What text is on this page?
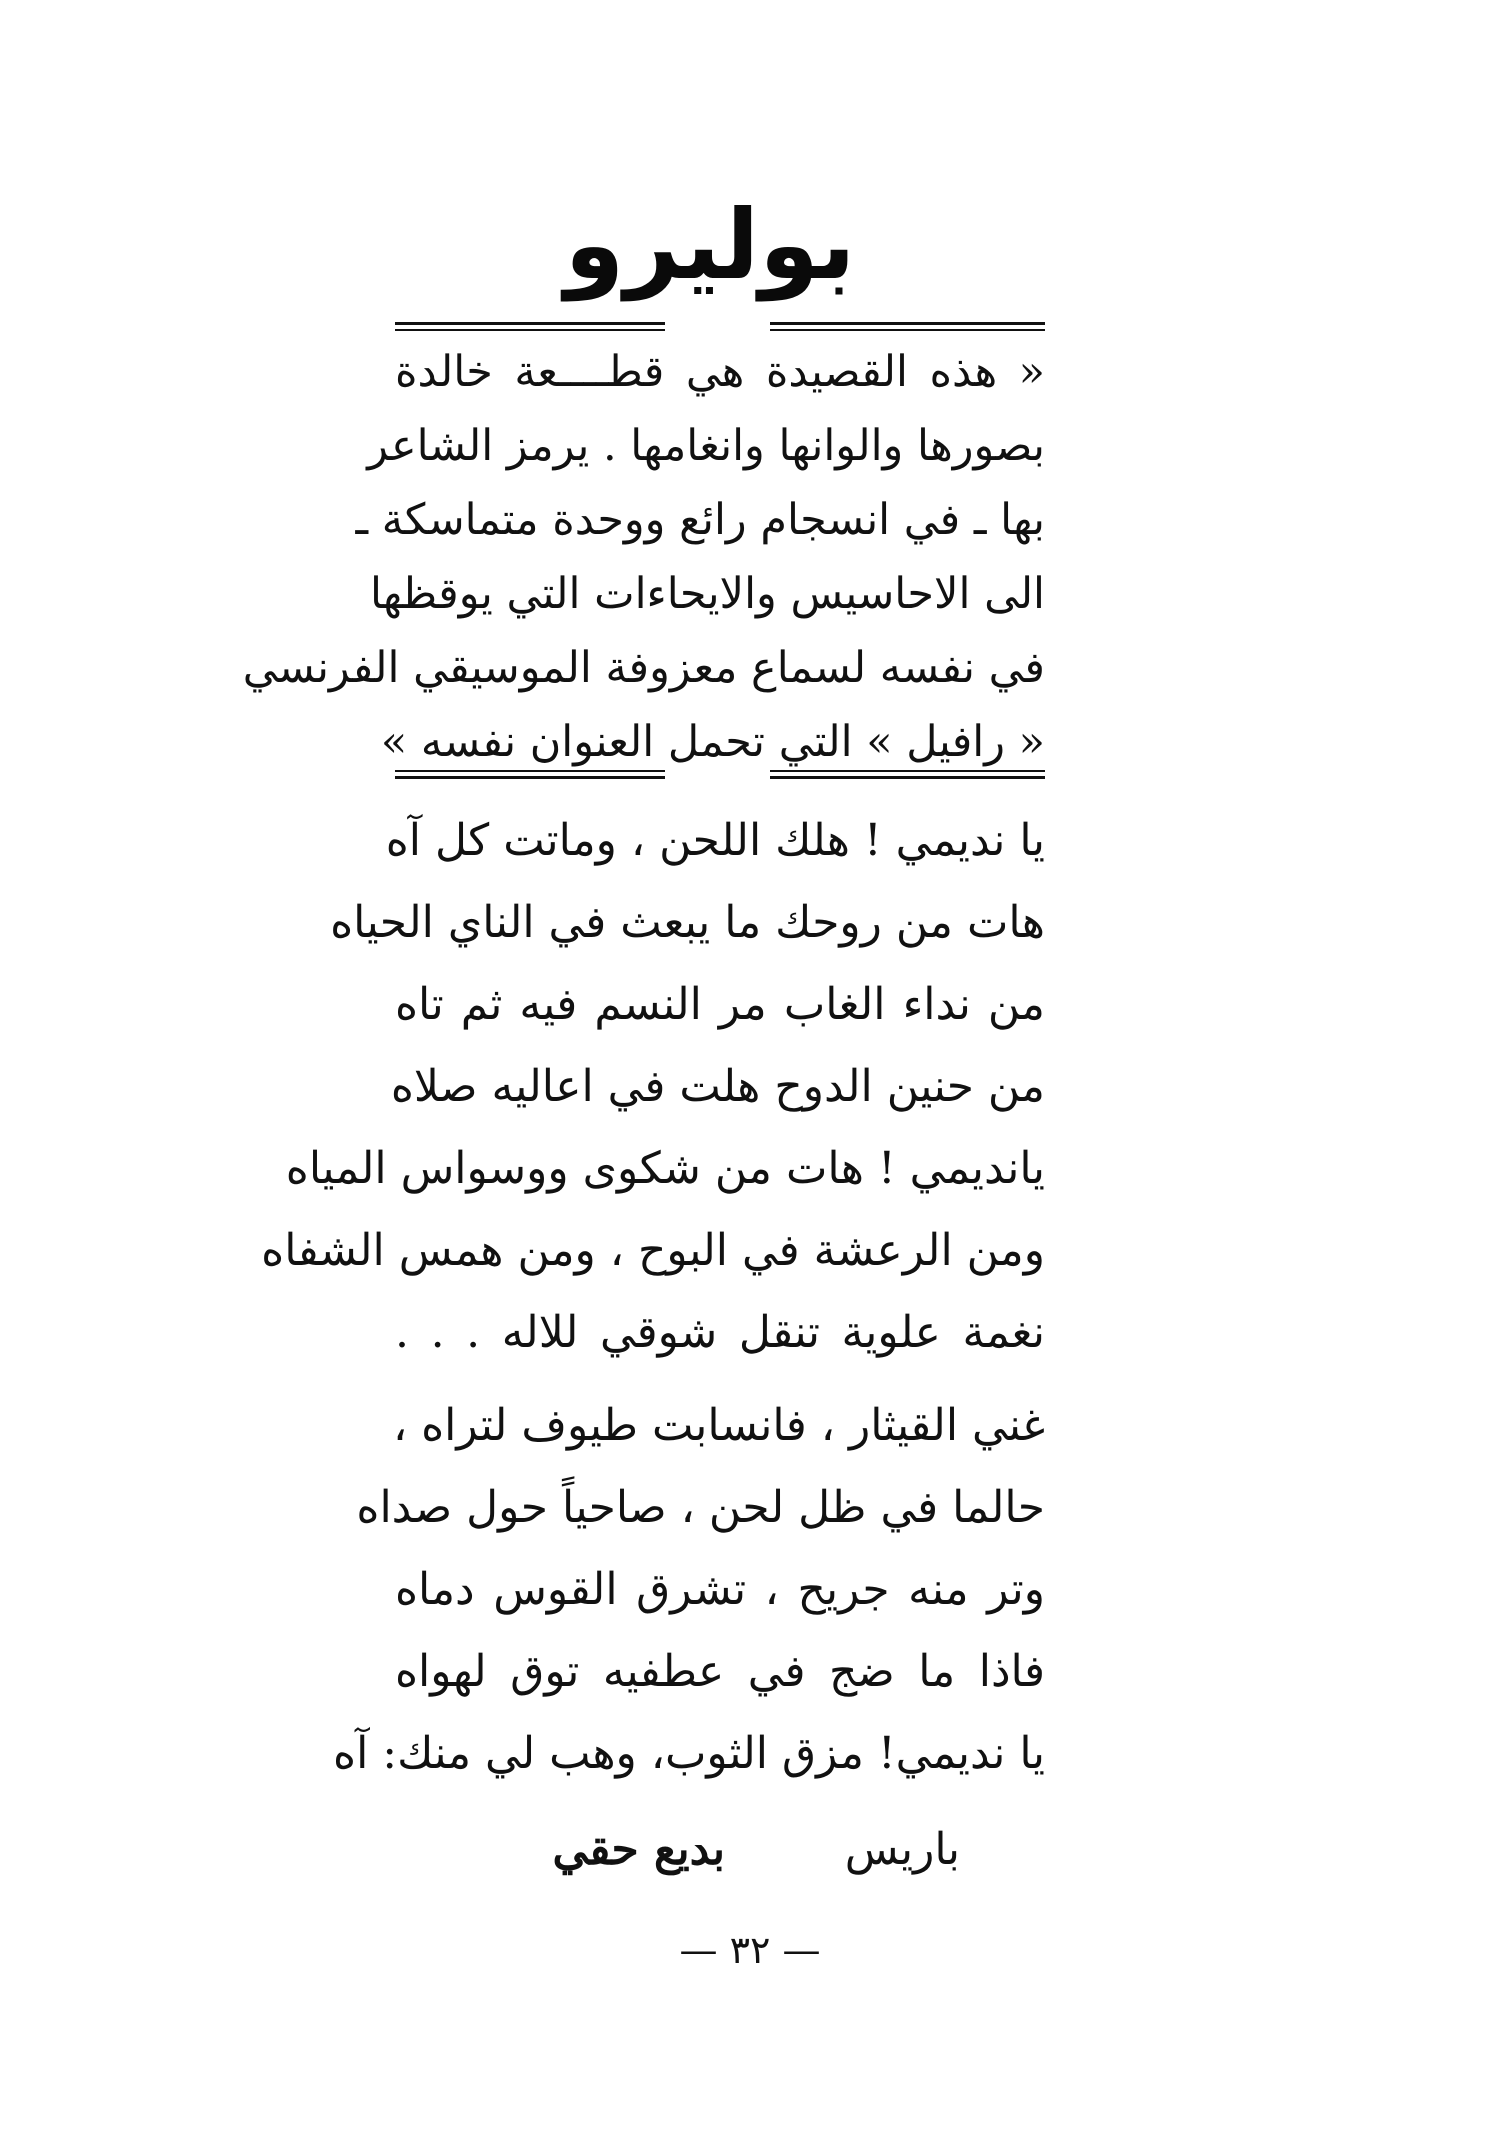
بوليرو
« هذه القصيدة هي قطــــعة خالدة
بصورها والوانها وانغامها . يرمز الشاعر
بها ـ في انسجام رائع ووحدة متماسكة ـ
الى الاحاسيس والايحاءات التي يوقظها
في نفسه لسماع معزوفة الموسيقي الفرنسي
« رافيل » التي تحمل العنوان نفسه »
يا نديمي ! هلك اللحن ، وماتت كل آه
هات من روحك ما يبعث في الناي الحياه
من نداء الغاب مر النسم فيه ثم تاه
من حنين الدوح هلت في اعاليه صلاه
يانديمي ! هات من شكوى ووسواس المياه
ومن الرعشة في البوح ، ومن همس الشفاه
نغمة علوية تنقل شوقي للاله . . .
غني القيثار ، فانسابت طيوف لتراه ،
حالما في ظل لحن ، صاحياً حول صداه
وتر منه جريح ، تشرق القوس دماه
فاذا ما ضج في عطفيه توق لهواه
يا نديمي! مزق الثوب، وهب لي منك: آه
باريس
بديع حقي
— ٣٢ —
